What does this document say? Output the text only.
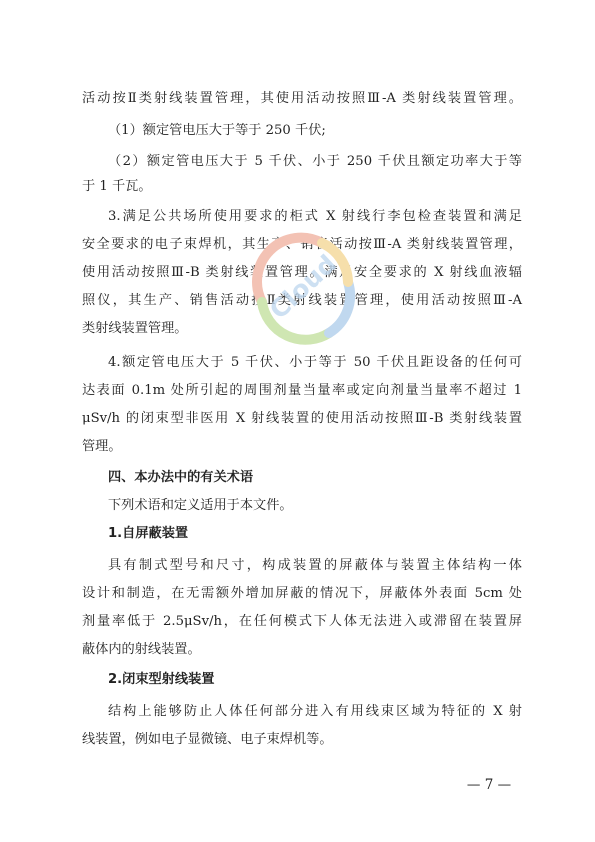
活动按Ⅱ类射线装置管理，其使用活动按照Ⅲ-A 类射线装置管理。
（1）额定管电压大于等于 250 千伏;
（2）额定管电压大于 5 千伏、小于 250 千伏且额定功率大于等
于 1 千瓦。
3.满足公共场所使用要求的柜式 X 射线行李包检查装置和满足
安全要求的电子束焊机，其生产、销售活动按Ⅲ-A 类射线装置管理，
使用活动按照Ⅲ-B 类射线装置管理。满足安全要求的 X 射线血液辐
照仪，其生产、销售活动按Ⅱ类射线装置管理，使用活动按照Ⅲ-A
类射线装置管理。
4.额定管电压大于 5 千伏、小于等于 50 千伏且距设备的任何可
达表面 0.1m 处所引起的周围剂量当量率或定向剂量当量率不超过 1
μSv/h 的闭束型非医用 X 射线装置的使用活动按照Ⅲ-B 类射线装置
管理。
四、本办法中的有关术语
下列术语和定义适用于本文件。
1.自屏蔽装置
具有制式型号和尺寸，构成装置的屏蔽体与装置主体结构一体
设计和制造，在无需额外增加屏蔽的情况下，屏蔽体外表面 5cm 处
剂量率低于 2.5μSv/h，在任何模式下人体无法进入或滞留在装置屏
蔽体内的射线装置。
2.闭束型射线装置
结构上能够防止人体任何部分进入有用线束区域为特征的 X 射
线装置，例如电子显微镜、电子束焊机等。
— 7 —
Cloud
